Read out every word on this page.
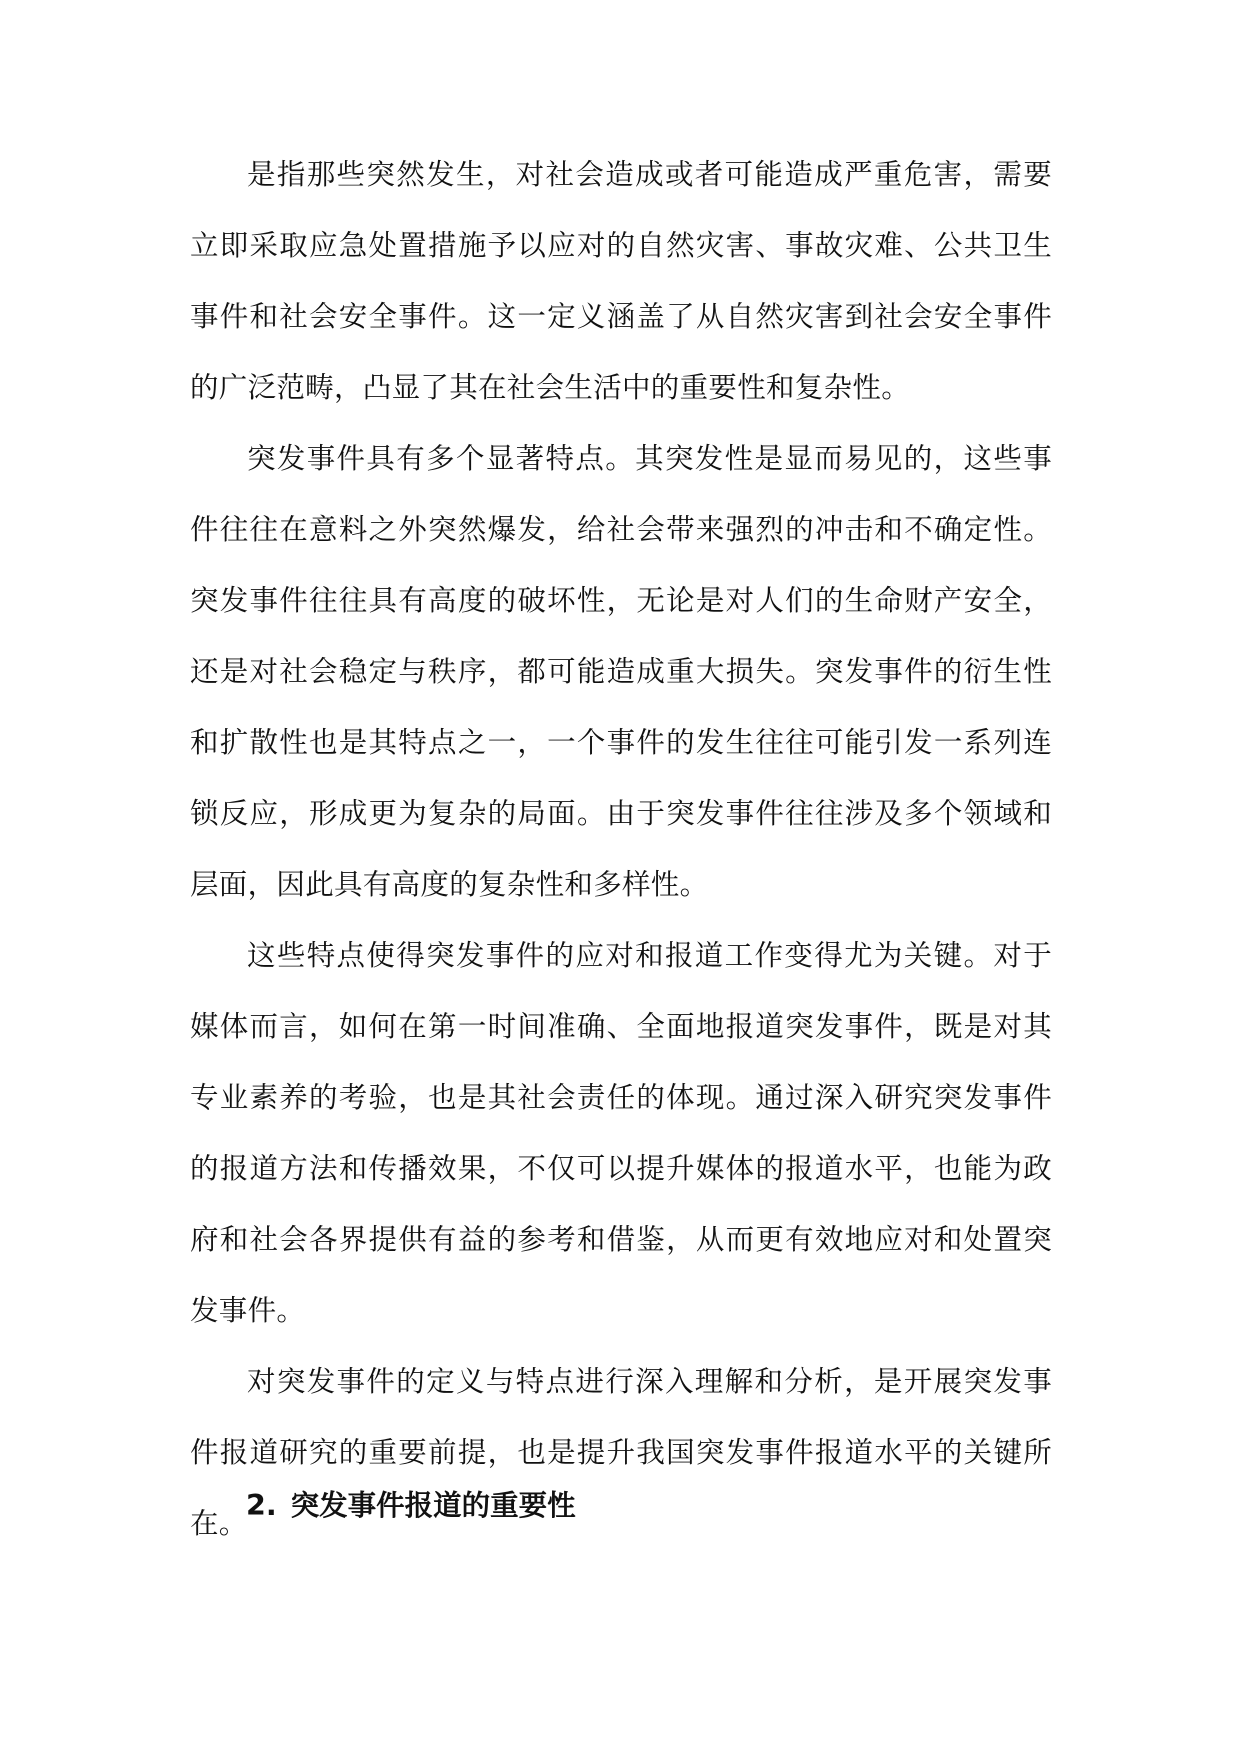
是指那些突然发生，对社会造成或者可能造成严重危害，需要立即采取应急处置措施予以应对的自然灾害、事故灾难、公共卫生事件和社会安全事件。这一定义涵盖了从自然灾害到社会安全事件的广泛范畴，凸显了其在社会生活中的重要性和复杂性。

突发事件具有多个显著特点。其突发性是显而易见的，这些事件往往在意料之外突然爆发，给社会带来强烈的冲击和不确定性。突发事件往往具有高度的破坏性，无论是对人们的生命财产安全，还是对社会稳定与秩序，都可能造成重大损失。突发事件的衍生性和扩散性也是其特点之一，一个事件的发生往往可能引发一系列连锁反应，形成更为复杂的局面。由于突发事件往往涉及多个领域和层面，因此具有高度的复杂性和多样性。

这些特点使得突发事件的应对和报道工作变得尤为关键。对于媒体而言，如何在第一时间准确、全面地报道突发事件，既是对其专业素养的考验，也是其社会责任的体现。通过深入研究突发事件的报道方法和传播效果，不仅可以提升媒体的报道水平，也能为政府和社会各界提供有益的参考和借鉴，从而更有效地应对和处置突发事件。

对突发事件的定义与特点进行深入理解和分析，是开展突发事件报道研究的重要前提，也是提升我国突发事件报道水平的关键所在。

2. 突发事件报道的重要性
